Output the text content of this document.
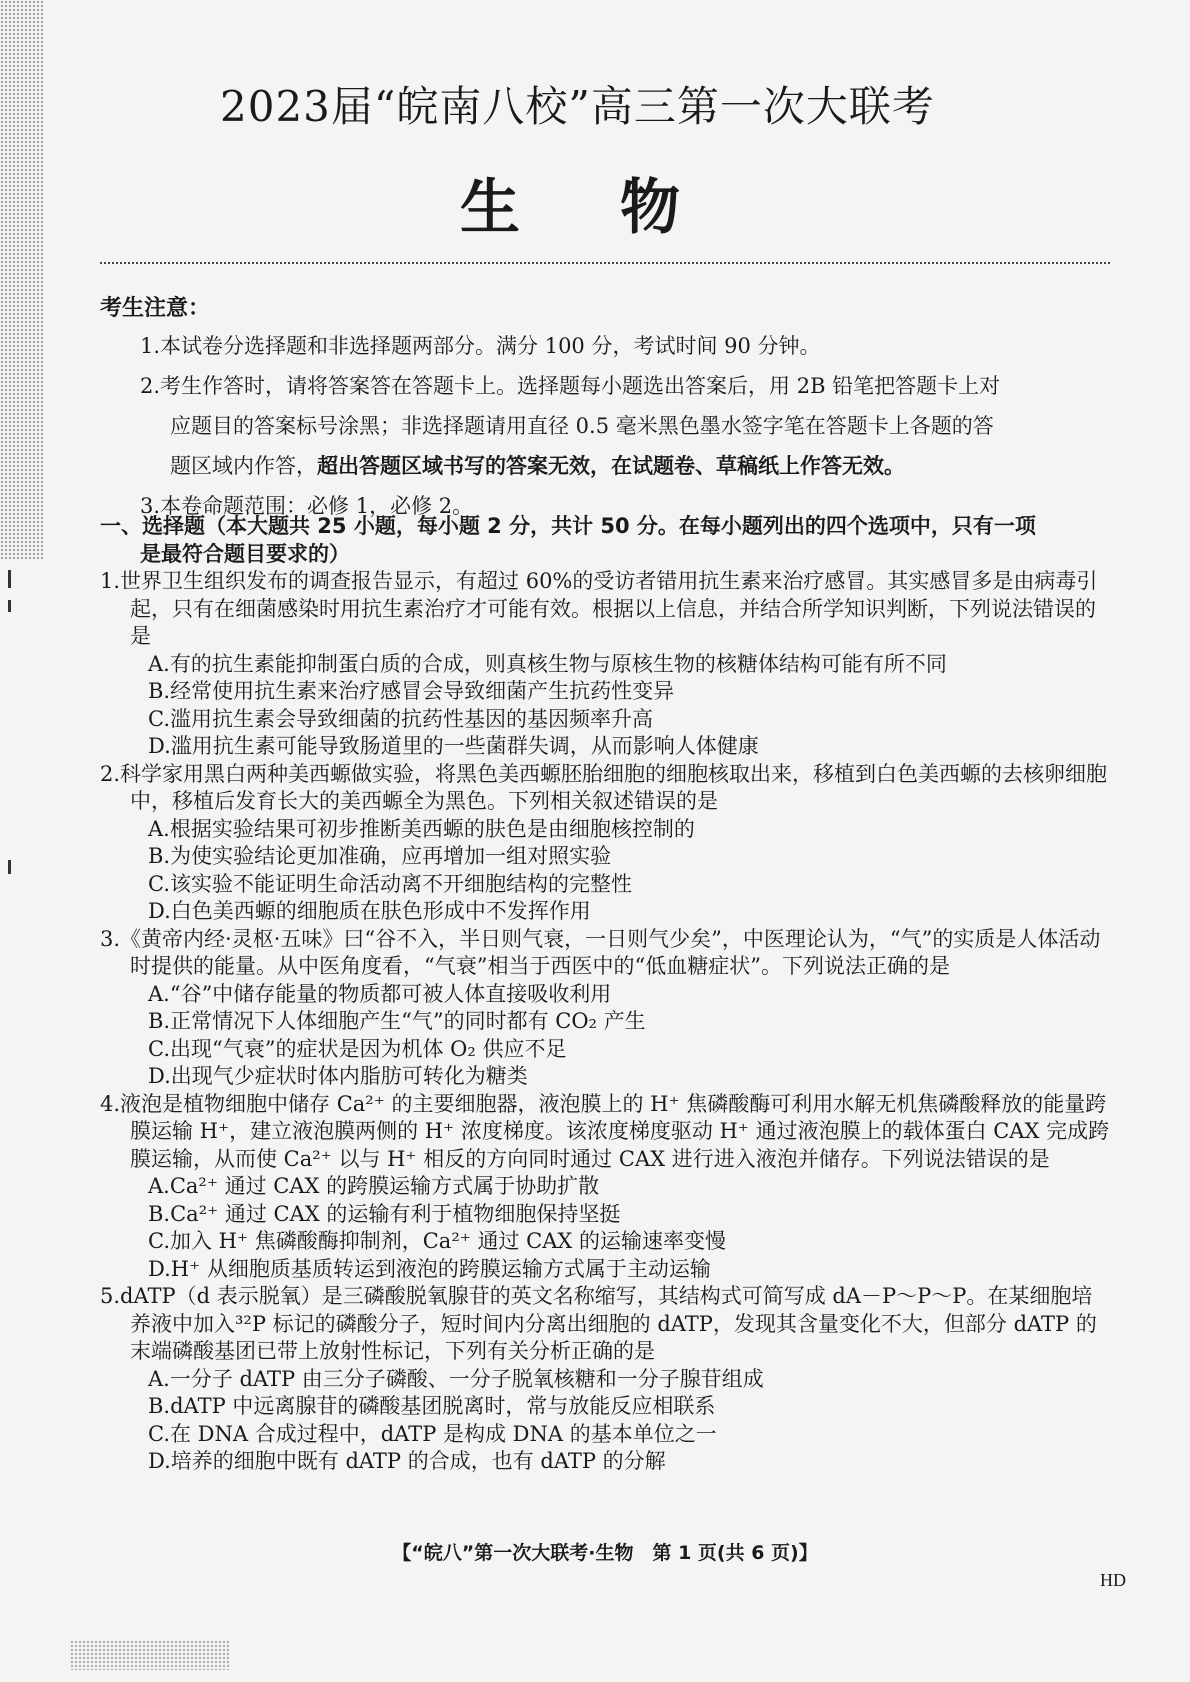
2023届“皖南八校”高三第一次大联考
生物
考生注意：

1.本试卷分选择题和非选择题两部分。满分 100 分，考试时间 90 分钟。

2.考生作答时，请将答案答在答题卡上。选择题每小题选出答案后，用 2B 铅笔把答题卡上对

应题目的答案标号涂黑；非选择题请用直径 0.5 毫米黑色墨水签字笔在答题卡上各题的答

题区域内作答，超出答题区域书写的答案无效，在试题卷、草稿纸上作答无效。

3.本卷命题范围：必修 1，必修 2。

一、选择题（本大题共 25 小题，每小题 2 分，共计 50 分。在每小题列出的四个选项中，只有一项
是最符合题目要求的）
1.世界卫生组织发布的调查报告显示，有超过 60%的受访者错用抗生素来治疗感冒。其实感冒多是由病毒引起，只有在细菌感染时用抗生素治疗才可能有效。根据以上信息，并结合所学知识判断，下列说法错误的是
A.有的抗生素能抑制蛋白质的合成，则真核生物与原核生物的核糖体结构可能有所不同
B.经常使用抗生素来治疗感冒会导致细菌产生抗药性变异
C.滥用抗生素会导致细菌的抗药性基因的基因频率升高
D.滥用抗生素可能导致肠道里的一些菌群失调，从而影响人体健康
2.科学家用黑白两种美西螈做实验，将黑色美西螈胚胎细胞的细胞核取出来，移植到白色美西螈的去核卵细胞中，移植后发育长大的美西螈全为黑色。下列相关叙述错误的是
A.根据实验结果可初步推断美西螈的肤色是由细胞核控制的
B.为使实验结论更加准确，应再增加一组对照实验
C.该实验不能证明生命活动离不开细胞结构的完整性
D.白色美西螈的细胞质在肤色形成中不发挥作用
3.《黄帝内经·灵枢·五味》曰“谷不入，半日则气衰，一日则气少矣”，中医理论认为，“气”的实质是人体活动时提供的能量。从中医角度看，“气衰”相当于西医中的“低血糖症状”。下列说法正确的是
A.“谷”中储存能量的物质都可被人体直接吸收利用
B.正常情况下人体细胞产生“气”的同时都有 CO₂ 产生
C.出现“气衰”的症状是因为机体 O₂ 供应不足
D.出现气少症状时体内脂肪可转化为糖类
4.液泡是植物细胞中储存 Ca²⁺ 的主要细胞器，液泡膜上的 H⁺ 焦磷酸酶可利用水解无机焦磷酸释放的能量跨膜运输 H⁺，建立液泡膜两侧的 H⁺ 浓度梯度。该浓度梯度驱动 H⁺ 通过液泡膜上的载体蛋白 CAX 完成跨膜运输，从而使 Ca²⁺ 以与 H⁺ 相反的方向同时通过 CAX 进行进入液泡并储存。下列说法错误的是
A.Ca²⁺ 通过 CAX 的跨膜运输方式属于协助扩散
B.Ca²⁺ 通过 CAX 的运输有利于植物细胞保持坚挺
C.加入 H⁺ 焦磷酸酶抑制剂，Ca²⁺ 通过 CAX 的运输速率变慢
D.H⁺ 从细胞质基质转运到液泡的跨膜运输方式属于主动运输
5.dATP（d 表示脱氧）是三磷酸脱氧腺苷的英文名称缩写，其结构式可简写成 dA－P～P～P。在某细胞培养液中加入³²P 标记的磷酸分子，短时间内分离出细胞的 dATP，发现其含量变化不大，但部分 dATP 的末端磷酸基团已带上放射性标记，下列有关分析正确的是
A.一分子 dATP 由三分子磷酸、一分子脱氧核糖和一分子腺苷组成
B.dATP 中远离腺苷的磷酸基团脱离时，常与放能反应相联系
C.在 DNA 合成过程中，dATP 是构成 DNA 的基本单位之一
D.培养的细胞中既有 dATP 的合成，也有 dATP 的分解
【“皖八”第一次大联考·生物　第 1 页(共 6 页)】
HD
